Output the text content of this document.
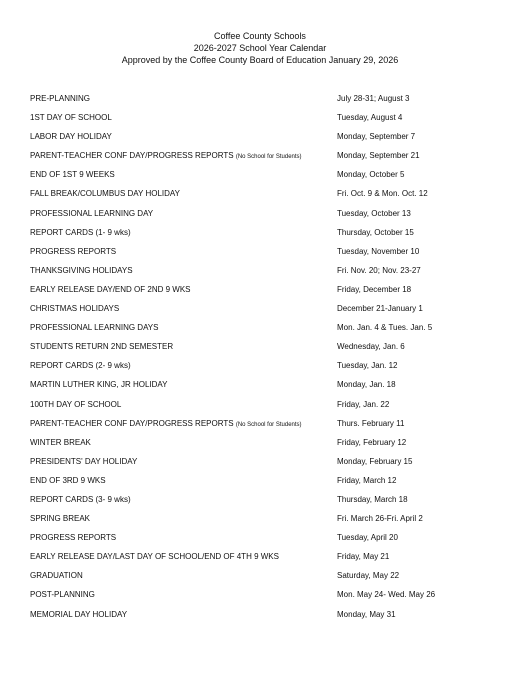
Coffee County Schools
2026-2027 School Year Calendar
Approved by the Coffee County Board of Education January 29, 2026
PRE-PLANNING	July 28-31; August 3
1ST DAY OF SCHOOL	Tuesday, August 4
LABOR DAY HOLIDAY	Monday, September 7
PARENT-TEACHER CONF DAY/PROGRESS REPORTS (No School for Students)	Monday, September 21
END OF 1ST 9 WEEKS	Monday, October 5
FALL BREAK/COLUMBUS DAY HOLIDAY	Fri. Oct. 9 & Mon. Oct. 12
PROFESSIONAL LEARNING DAY	Tuesday, October 13
REPORT CARDS (1- 9 wks)	Thursday, October 15
PROGRESS REPORTS	Tuesday, November 10
THANKSGIVING HOLIDAYS	Fri. Nov. 20; Nov. 23-27
EARLY RELEASE DAY/END OF 2ND 9 WKS	Friday, December 18
CHRISTMAS HOLIDAYS	December 21-January 1
PROFESSIONAL LEARNING DAYS	Mon. Jan. 4 & Tues. Jan. 5
STUDENTS RETURN 2ND SEMESTER	Wednesday, Jan. 6
REPORT CARDS (2- 9 wks)	Tuesday, Jan. 12
MARTIN LUTHER KING, JR HOLIDAY	Monday, Jan. 18
100TH DAY OF SCHOOL	Friday, Jan. 22
PARENT-TEACHER CONF DAY/PROGRESS REPORTS (No School for Students)	Thurs. February 11
WINTER BREAK	Friday, February 12
PRESIDENTS' DAY HOLIDAY	Monday, February 15
END OF 3RD 9 WKS	Friday, March 12
REPORT CARDS (3- 9 wks)	Thursday, March 18
SPRING BREAK	Fri. March 26-Fri. April 2
PROGRESS REPORTS	Tuesday, April 20
EARLY RELEASE DAY/LAST DAY OF SCHOOL/END OF 4TH 9 WKS	Friday, May 21
GRADUATION	Saturday, May 22
POST-PLANNING	Mon. May 24- Wed. May 26
MEMORIAL DAY HOLIDAY	Monday, May 31
